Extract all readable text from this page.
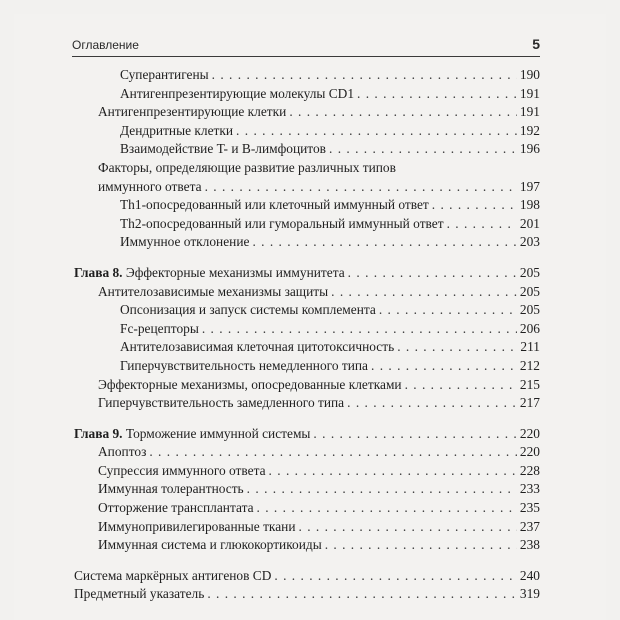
Оглавление	5
Суперантигены . . .	190
Антигенпрезентирующие молекулы CD1 . . .	191
Антигенпрезентирующие клетки . . .	191
Дендритные клетки . . .	192
Взаимодействие T- и B-лимфоцитов . . .	196
Факторы, определяющие развитие различных типов
иммунного ответа . . .	197
Th1-опосредованный или клеточный иммунный ответ . . .	198
Th2-опосредованный или гуморальный иммунный ответ . . .	201
Иммунное отклонение . . .	203
Глава 8. Эффекторные механизмы иммунитета . . .	205
Антителозависимые механизмы защиты . . .	205
Опсонизация и запуск системы комплемента . . .	205
Fc-рецепторы . . .	206
Антителозависимая клеточная цитотоксичность . . .	211
Гиперчувствительность немедленного типа . . .	212
Эффекторные механизмы, опосредованные клетками . . .	215
Гиперчувствительность замедленного типа . . .	217
Глава 9. Торможение иммунной системы . . .	220
Апоптоз . . .	220
Супрессия иммунного ответа . . .	228
Иммунная толерантность . . .	233
Отторжение трансплантата . . .	235
Иммунопривилегированные ткани . . .	237
Иммунная система и глюкокортикоиды . . .	238
Система маркёрных антигенов CD . . .	240
Предметный указатель . . .	319
